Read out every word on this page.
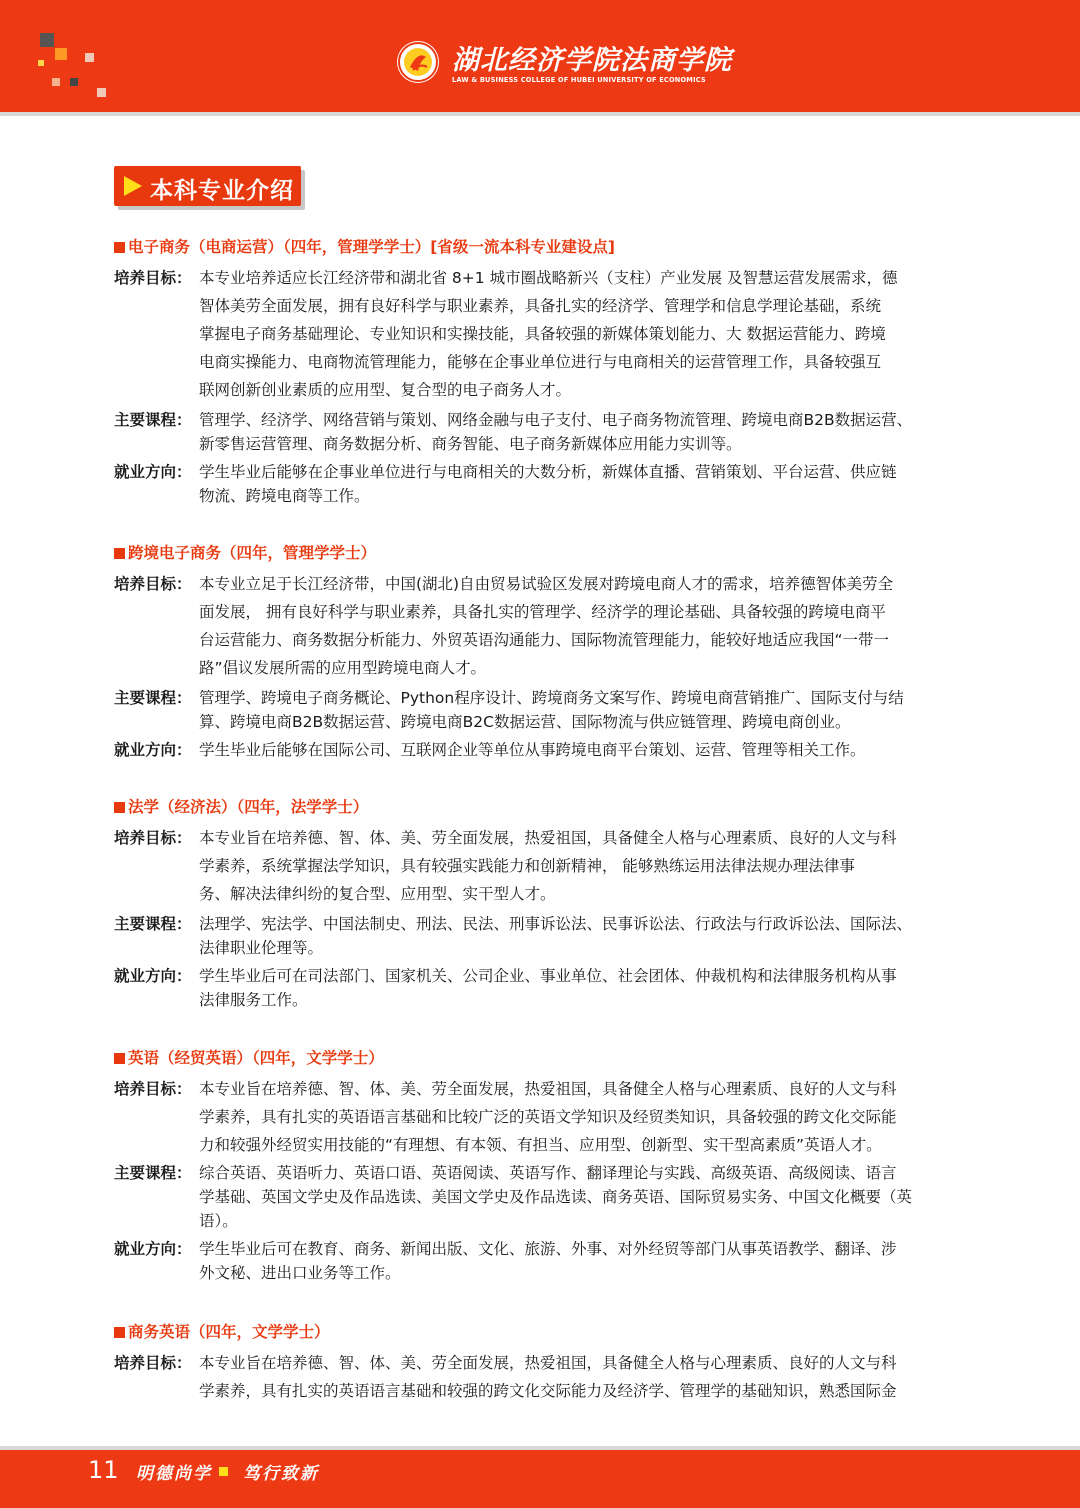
湖北经济学院法商学院
LAW & BUSINESS COLLEGE OF HUBEI UNIVERSITY OF ECONOMICS
本科专业介绍
电子商务（电商运营）（四年，管理学学士）[省级一流本科专业建设点]
培养目标： 本专业培养适应长江经济带和湖北省 8+1 城市圈战略新兴（支柱）产业发展 及智慧运营发展需求，德
智体美劳全面发展，拥有良好科学与职业素养，具备扎实的经济学、管理学和信息学理论基础，系统
掌握电子商务基础理论、专业知识和实操技能，具备较强的新媒体策划能力、大 数据运营能力、跨境
电商实操能力、电商物流管理能力，能够在企事业单位进行与电商相关的运营管理工作，具备较强互
联网创新创业素质的应用型、复合型的电子商务人才。
主要课程： 管理学、经济学、网络营销与策划、网络金融与电子支付、电子商务物流管理、跨境电商B2B数据运营、
新零售运营管理、商务数据分析、商务智能、电子商务新媒体应用能力实训等。
就业方向： 学生毕业后能够在企事业单位进行与电商相关的大数分析，新媒体直播、营销策划、平台运营、供应链
物流、跨境电商等工作。
跨境电子商务（四年，管理学学士）
培养目标： 本专业立足于长江经济带，中国(湖北)自由贸易试验区发展对跨境电商人才的需求，培养德智体美劳全
面发展， 拥有良好科学与职业素养，具备扎实的管理学、经济学的理论基础、具备较强的跨境电商平
台运营能力、商务数据分析能力、外贸英语沟通能力、国际物流管理能力，能较好地适应我国“一带一
路”倡议发展所需的应用型跨境电商人才。
主要课程： 管理学、跨境电子商务概论、Python程序设计、跨境商务文案写作、跨境电商营销推广、国际支付与结
算、跨境电商B2B数据运营、跨境电商B2C数据运营、国际物流与供应链管理、跨境电商创业。
就业方向： 学生毕业后能够在国际公司、互联网企业等单位从事跨境电商平台策划、运营、管理等相关工作。
法学（经济法）（四年，法学学士）
培养目标： 本专业旨在培养德、智、体、美、劳全面发展，热爱祖国，具备健全人格与心理素质、良好的人文与科
学素养，系统掌握法学知识，具有较强实践能力和创新精神， 能够熟练运用法律法规办理法律事
务、解决法律纠纷的复合型、应用型、实干型人才。
主要课程： 法理学、宪法学、中国法制史、刑法、民法、刑事诉讼法、民事诉讼法、行政法与行政诉讼法、国际法、
法律职业伦理等。
就业方向： 学生毕业后可在司法部门、国家机关、公司企业、事业单位、社会团体、仲裁机构和法律服务机构从事
法律服务工作。
英语（经贸英语）（四年，文学学士）
培养目标： 本专业旨在培养德、智、体、美、劳全面发展，热爱祖国，具备健全人格与心理素质、良好的人文与科
学素养，具有扎实的英语语言基础和比较广泛的英语文学知识及经贸类知识，具备较强的跨文化交际能
力和较强外经贸实用技能的“有理想、有本领、有担当、应用型、创新型、实干型高素质”英语人才。
主要课程： 综合英语、英语听力、英语口语、英语阅读、英语写作、翻译理论与实践、高级英语、高级阅读、语言
学基础、英国文学史及作品选读、美国文学史及作品选读、商务英语、国际贸易实务、中国文化概要（英
语）。
就业方向： 学生毕业后可在教育、商务、新闻出版、文化、旅游、外事、对外经贸等部门从事英语教学、翻译、涉
外文秘、进出口业务等工作。
商务英语（四年，文学学士）
培养目标： 本专业旨在培养德、智、体、美、劳全面发展，热爱祖国，具备健全人格与心理素质、良好的人文与科
学素养，具有扎实的英语语言基础和较强的跨文化交际能力及经济学、管理学的基础知识，熟悉国际金
11 明德尚学 笃行致新
